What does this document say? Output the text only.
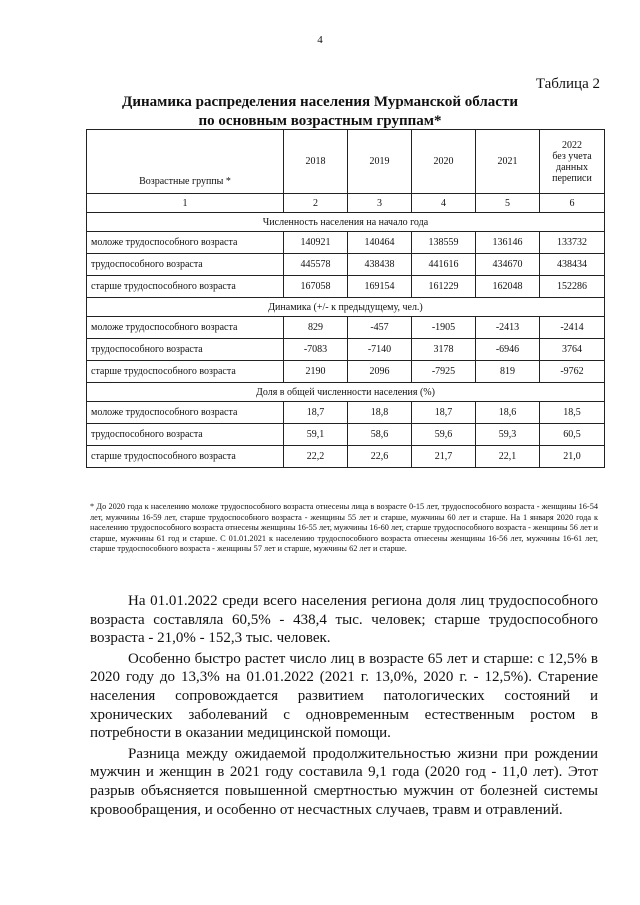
4
Таблица 2
Динамика распределения населения Мурманской области
по основным возрастным группам*
Возрастные группы *	2018	2019	2020	2021	2022
без учета
данных
переписи

1	2	3	4	5	6
Численность населения на начало года					
моложе трудоспособного возраста	140921	140464	138559	136146	133732
трудоспособного возраста	445578	438438	441616	434670	438434
старше трудоспособного возраста	167058	169154	161229	162048	152286
Динамика (+/- к предыдущему, чел.)					
моложе трудоспособного возраста	829	-457	-1905	-2413	-2414
трудоспособного возраста	-7083	-7140	3178	-6946	3764
старше трудоспособного возраста	2190	2096	-7925	819	-9762
Доля в общей численности населения (%)					
моложе трудоспособного возраста	18,7	18,8	18,7	18,6	18,5
трудоспособного возраста	59,1	58,6	59,6	59,3	60,5
старше трудоспособного возраста	22,2	22,6	21,7	22,1	21,0
* До 2020 года к населению моложе трудоспособного возраста отнесены лица в возрасте 0-15 лет, трудоспособного возраста - женщины 16-54 лет, мужчины 16-59 лет, старше трудоспособного возраста - женщины 55 лет и старше, мужчины 60 лет и старше. На 1 января 2020 года к населению трудоспособного возраста отнесены женщины 16-55 лет, мужчины 16-60 лет, старше трудоспособного возраста - женщины 56 лет и старше, мужчины 61 год и старше. С 01.01.2021 к населению трудоспособного возраста отнесены женщины 16-56 лет, мужчины 16-61 лет, старше трудоспособного возраста - женщины 57 лет и старше, мужчины 62 лет и старше.

На 01.01.2022 среди всего населения региона доля лиц трудоспособного возраста составляла 60,5% - 438,4 тыс. человек; старше трудоспособного возраста - 21,0% - 152,3 тыс. человек.

Особенно быстро растет число лиц в возрасте 65 лет и старше: с 12,5% в 2020 году до 13,3% на 01.01.2022 (2021 г. 13,0%, 2020 г. - 12,5%). Старение населения сопровождается развитием патологических состояний и хронических заболеваний с одновременным естественным ростом в потребности в оказании медицинской помощи.

Разница между ожидаемой продолжительностью жизни при рождении мужчин и женщин в 2021 году составила 9,1 года (2020 год - 11,0 лет). Этот разрыв объясняется повышенной смертностью мужчин от болезней системы кровообращения, и особенно от несчастных случаев, травм и отравлений.
